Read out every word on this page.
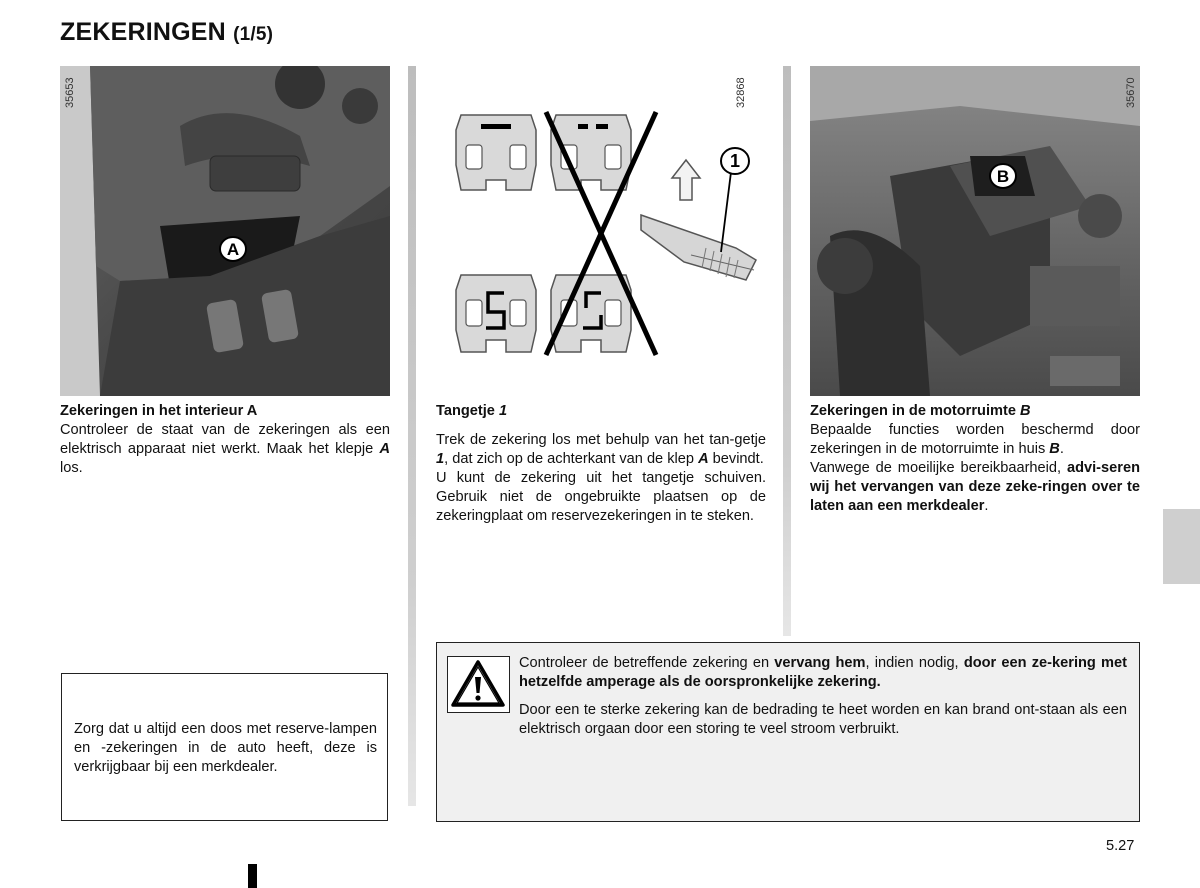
ZEKERINGEN (1/5)
35653
A
32868
1
35670
B

Zekeringen in het interieur A

Controleer de staat van de zekeringen als een elektrisch apparaat niet werkt. Maak het klepje A los.

Tangetje 1

Trek de zekering los met behulp van het tan-getje 1, dat zich op de achterkant van de klep A bevindt.

U kunt de zekering uit het tangetje schuiven. Gebruik niet de ongebruikte plaatsen op de zekeringplaat om reservezekeringen in te steken.

Zekeringen in de motorruimte B

Bepaalde functies worden beschermd door zekeringen in de motorruimte in huis B.

Vanwege de moeilijke bereikbaarheid, advi-seren wij het vervangen van deze zeke-ringen over te laten aan een merkdealer.

Zorg dat u altijd een doos met reserve-lampen en -zekeringen in de auto heeft, deze is verkrijgbaar bij een merkdealer.

Controleer de betreffende zekering en vervang hem, indien nodig, door een ze-kering met hetzelfde amperage als de oorspronkelijke zekering.

Door een te sterke zekering kan de bedrading te heet worden en kan brand ont-staan als een elektrisch orgaan door een storing te veel stroom verbruikt.

5.27
